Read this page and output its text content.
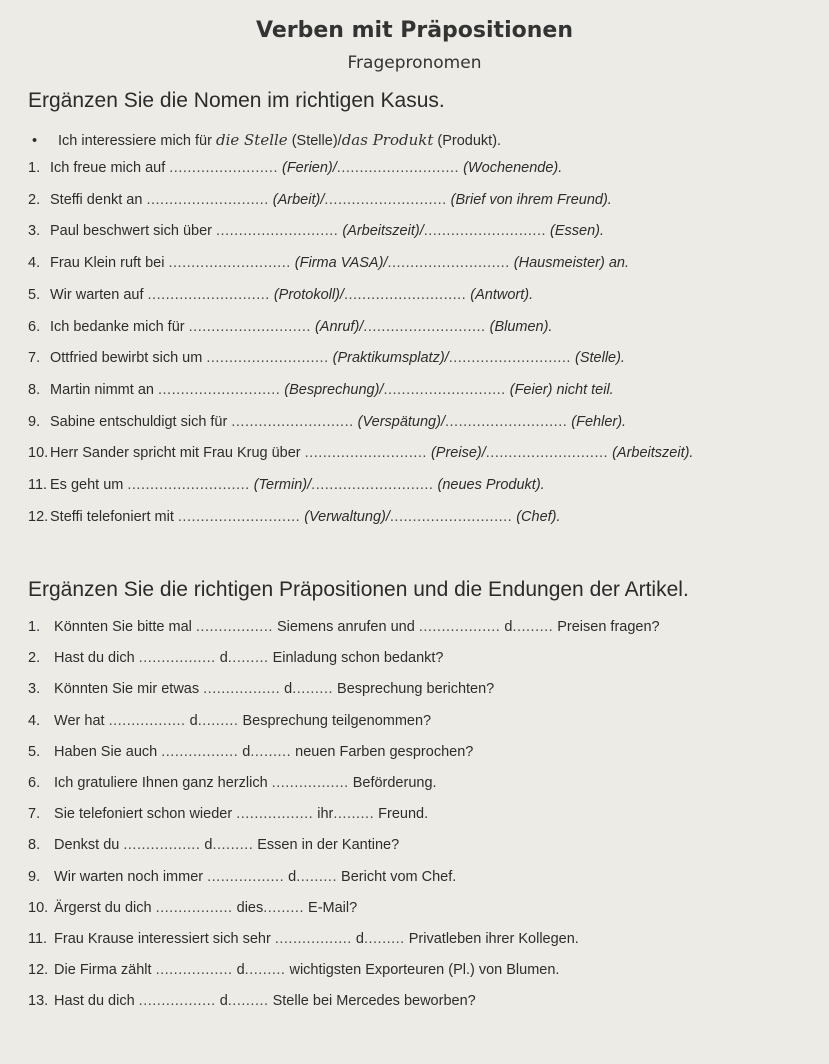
Verben mit Präpositionen
Fragepronomen
Ergänzen Sie die Nomen im richtigen Kasus.
• Ich interessiere mich für die Stelle (Stelle)/das Produkt (Produkt).
1. Ich freue mich auf ........................ (Ferien)/........................... (Wochenende).
2. Steffi denkt an ........................... (Arbeit)/........................... (Brief von ihrem Freund).
3. Paul beschwert sich über ........................... (Arbeitszeit)/........................... (Essen).
4. Frau Klein ruft bei ........................... (Firma VASA)/........................... (Hausmeister) an.
5. Wir warten auf ........................... (Protokoll)/........................... (Antwort).
6. Ich bedanke mich für ........................... (Anruf)/........................... (Blumen).
7. Ottfried bewirbt sich um ........................... (Praktikumsplatz)/........................... (Stelle).
8. Martin nimmt an ........................... (Besprechung)/........................... (Feier) nicht teil.
9. Sabine entschuldigt sich für ........................... (Verspätung)/........................... (Fehler).
10. Herr Sander spricht mit Frau Krug über ........................... (Preise)/........................... (Arbeitszeit).
11. Es geht um ........................... (Termin)/........................... (neues Produkt).
12. Steffi telefoniert mit ........................... (Verwaltung)/........................... (Chef).
Ergänzen Sie die richtigen Präpositionen und die Endungen der Artikel.
1. Könnten Sie bitte mal ................. Siemens anrufen und .................. d......... Preisen fragen?
2. Hast du dich ................. d......... Einladung schon bedankt?
3. Könnten Sie mir etwas ................. d......... Besprechung berichten?
4. Wer hat ................. d......... Besprechung teilgenommen?
5. Haben Sie auch ................. d......... neuen Farben gesprochen?
6. Ich gratuliere Ihnen ganz herzlich ................. Beförderung.
7. Sie telefoniert schon wieder ................. ihr......... Freund.
8. Denkst du ................. d......... Essen in der Kantine?
9. Wir warten noch immer ................. d......... Bericht vom Chef.
10. Ärgerst du dich ................. dies......... E-Mail?
11. Frau Krause interessiert sich sehr ................. d......... Privatleben ihrer Kollegen.
12. Die Firma zählt ................. d......... wichtigsten Exporteuren (Pl.) von Blumen.
13. Hast du dich ................. d......... Stelle bei Mercedes beworben?
